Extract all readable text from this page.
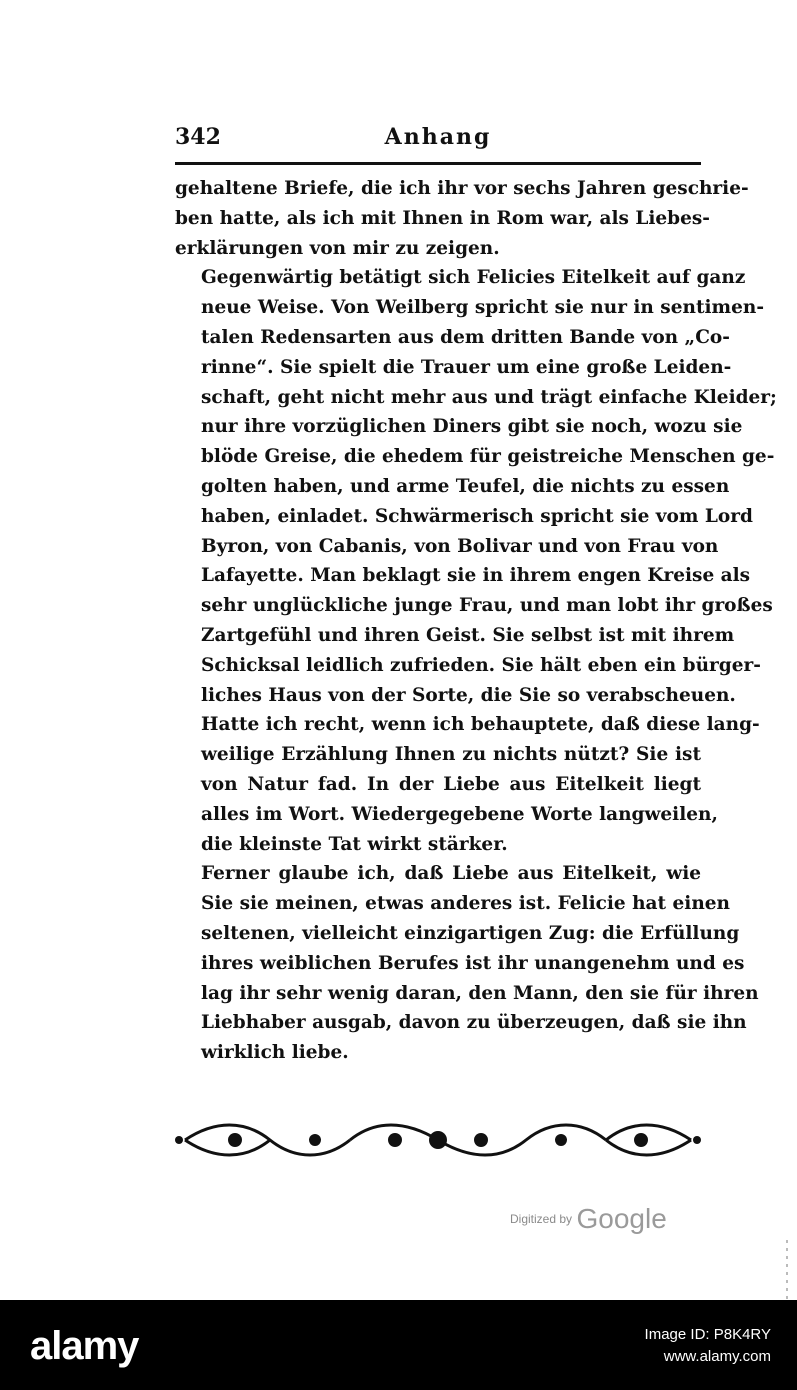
342	Anhang

gehaltene Briefe, die ich ihr vor sechs Jahren geschrie-
ben hatte, als ich mit Ihnen in Rom war, als Liebes-
erklärungen von mir zu zeigen.

Gegenwärtig betätigt sich Felicies Eitelkeit auf ganz
neue Weise. Von Weilberg spricht sie nur in sentimen-
talen Redensarten aus dem dritten Bande von „Co-
rinne“. Sie spielt die Trauer um eine große Leiden-
schaft, geht nicht mehr aus und trägt einfache Kleider;
nur ihre vorzüglichen Diners gibt sie noch, wozu sie
blöde Greise, die ehedem für geistreiche Menschen ge-
golten haben, und arme Teufel, die nichts zu essen
haben, einladet. Schwärmerisch spricht sie vom Lord
Byron, von Cabanis, von Bolivar und von Frau von
Lafayette. Man beklagt sie in ihrem engen Kreise als
sehr unglückliche junge Frau, und man lobt ihr großes
Zartgefühl und ihren Geist. Sie selbst ist mit ihrem
Schicksal leidlich zufrieden. Sie hält eben ein bürger-
liches Haus von der Sorte, die Sie so verabscheuen.

Hatte ich recht, wenn ich behauptete, daß diese lang-
weilige Erzählung Ihnen zu nichts nützt? Sie ist
von Natur fad. In der Liebe aus Eitelkeit liegt
alles im Wort. Wiedergegebene Worte langweilen,
die kleinste Tat wirkt stärker.

Ferner glaube ich, daß Liebe aus Eitelkeit, wie
Sie sie meinen, etwas anderes ist. Felicie hat einen
seltenen, vielleicht einzigartigen Zug: die Erfüllung
ihres weiblichen Berufes ist ihr unangenehm und es
lag ihr sehr wenig daran, den Mann, den sie für ihren
Liebhaber ausgab, davon zu überzeugen, daß sie ihn
wirklich liebe.

Digitized by Google
alamy	Image ID: P8K4RY
www.alamy.com
